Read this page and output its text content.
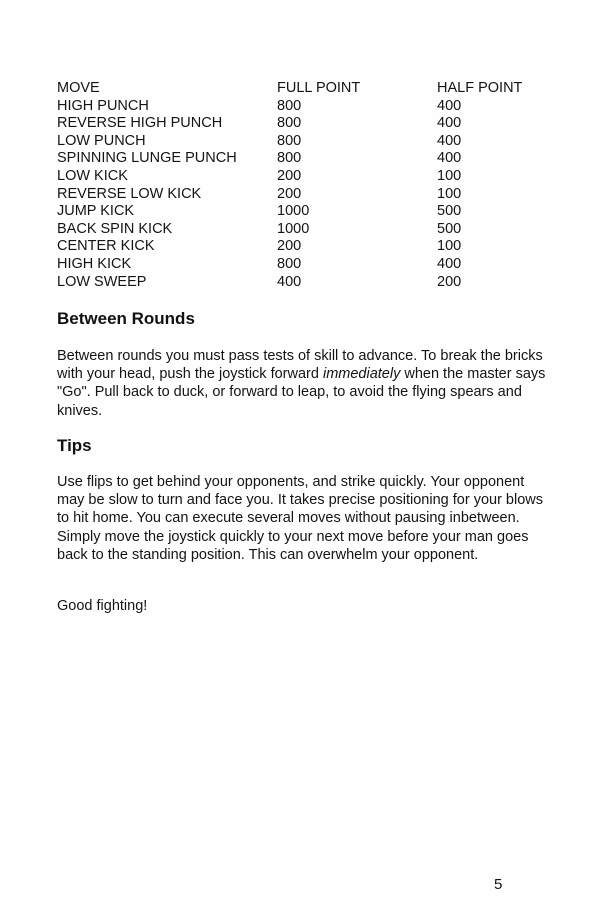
MOVE	FULL POINT	HALF POINT
HIGH PUNCH	800	400
REVERSE HIGH PUNCH	800	400
LOW PUNCH	800	400
SPINNING LUNGE PUNCH	800	400
LOW KICK	200	100
REVERSE LOW KICK	200	100
JUMP KICK	1000	500
BACK SPIN KICK	1000	500
CENTER KICK	200	100
HIGH KICK	800	400
LOW SWEEP	400	200
Between Rounds

Between rounds you must pass tests of skill to advance. To break the bricks with your head, push the joystick forward immediately when the master says "Go". Pull back to duck, or forward to leap, to avoid the flying spears and knives.

Tips

Use flips to get behind your opponents, and strike quickly. Your opponent may be slow to turn and face you. It takes precise positioning for your blows to hit home. You can execute several moves without pausing inbetween. Simply move the joystick quickly to your next move before your man goes back to the standing position. This can overwhelm your opponent.

Good fighting!

5
